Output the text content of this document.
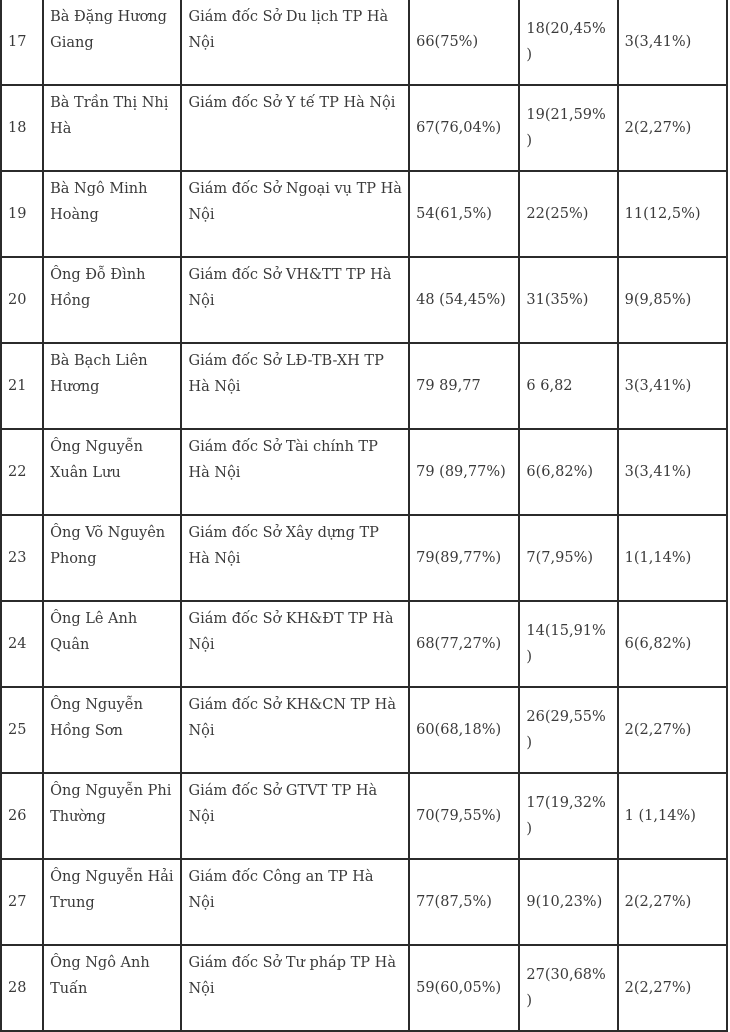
17	Bà Đặng Hương Giang	Giám đốc Sở Du lịch TP Hà Nội	66(75%)	18(20,45%)	3(3,41%)
18	Bà Trần Thị Nhị Hà	Giám đốc Sở Y tế TP Hà Nội	67(76,04%)	19(21,59%)	2(2,27%)
19	Bà Ngô Minh Hoàng	Giám đốc Sở Ngoại vụ TP Hà Nội	54(61,5%)	22(25%)	11(12,5%)
20	Ông Đỗ Đình Hồng	Giám đốc Sở VH&TT TP Hà Nội	48 (54,45%)	31(35%)	9(9,85%)
21	Bà Bạch Liên Hương	Giám đốc Sở LĐ-TB-XH TP Hà Nội	79 89,77	6 6,82	3(3,41%)
22	Ông Nguyễn Xuân Lưu	Giám đốc Sở Tài chính TP Hà Nội	79 (89,77%)	6(6,82%)	3(3,41%)
23	Ông Võ Nguyên Phong	Giám đốc Sở Xây dựng TP Hà Nội	79(89,77%)	7(7,95%)	1(1,14%)
24	Ông Lê Anh Quân	Giám đốc Sở KH&ĐT TP Hà Nội	68(77,27%)	14(15,91%)	6(6,82%)
25	Ông Nguyễn Hồng Sơn	Giám đốc Sở KH&CN TP Hà Nội	60(68,18%)	26(29,55%)	2(2,27%)
26	Ông Nguyễn Phi Thường	Giám đốc Sở GTVT TP Hà Nội	70(79,55%)	17(19,32%)	1 (1,14%)
27	Ông Nguyễn Hải Trung	Giám đốc Công an TP Hà Nội	77(87,5%)	9(10,23%)	2(2,27%)
28	Ông Ngô Anh Tuấn	Giám đốc Sở Tư pháp TP Hà Nội	59(60,05%)	27(30,68%)	2(2,27%)
